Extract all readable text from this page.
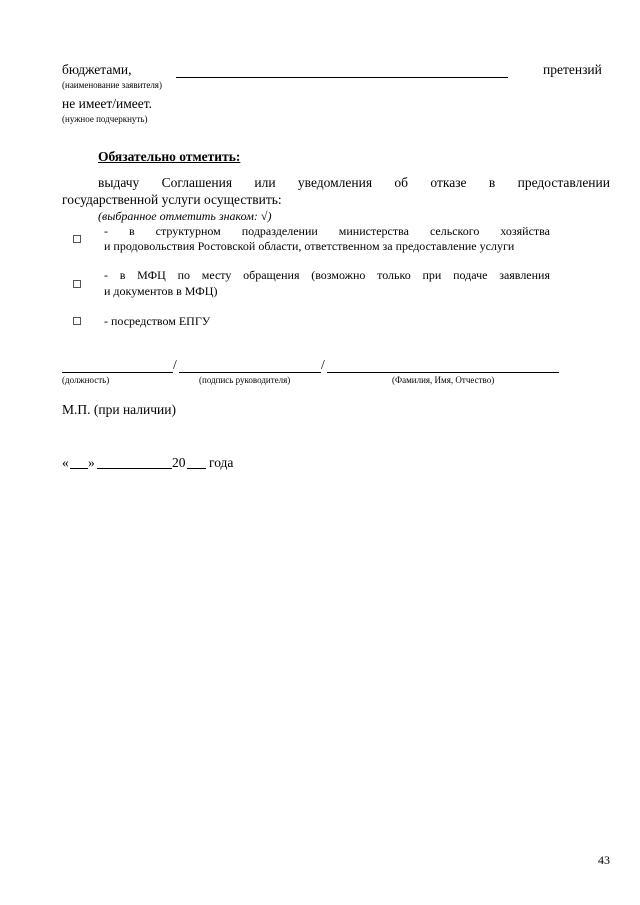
бюджетами,	претензий
(наименование заявителя)
не имеет/имеет.
(нужное подчеркнуть)
Обязательно отметить:
выдачу Соглашения или уведомления об отказе в предоставлении
государственной услуги осуществить:
(выбранное отметить знаком: √)
- в структурном подразделении министерства сельского хозяйства
и продовольствия Ростовской области, ответственном за предоставление услуги
- в МФЦ по месту обращения (возможно только при подаче заявления
и документов в МФЦ)
- посредством ЕПГУ
/	/
(должность)	(подпись руководителя)	(Фамилия, Имя, Отчество)
М.П. (при наличии)
« »	20 года
43
